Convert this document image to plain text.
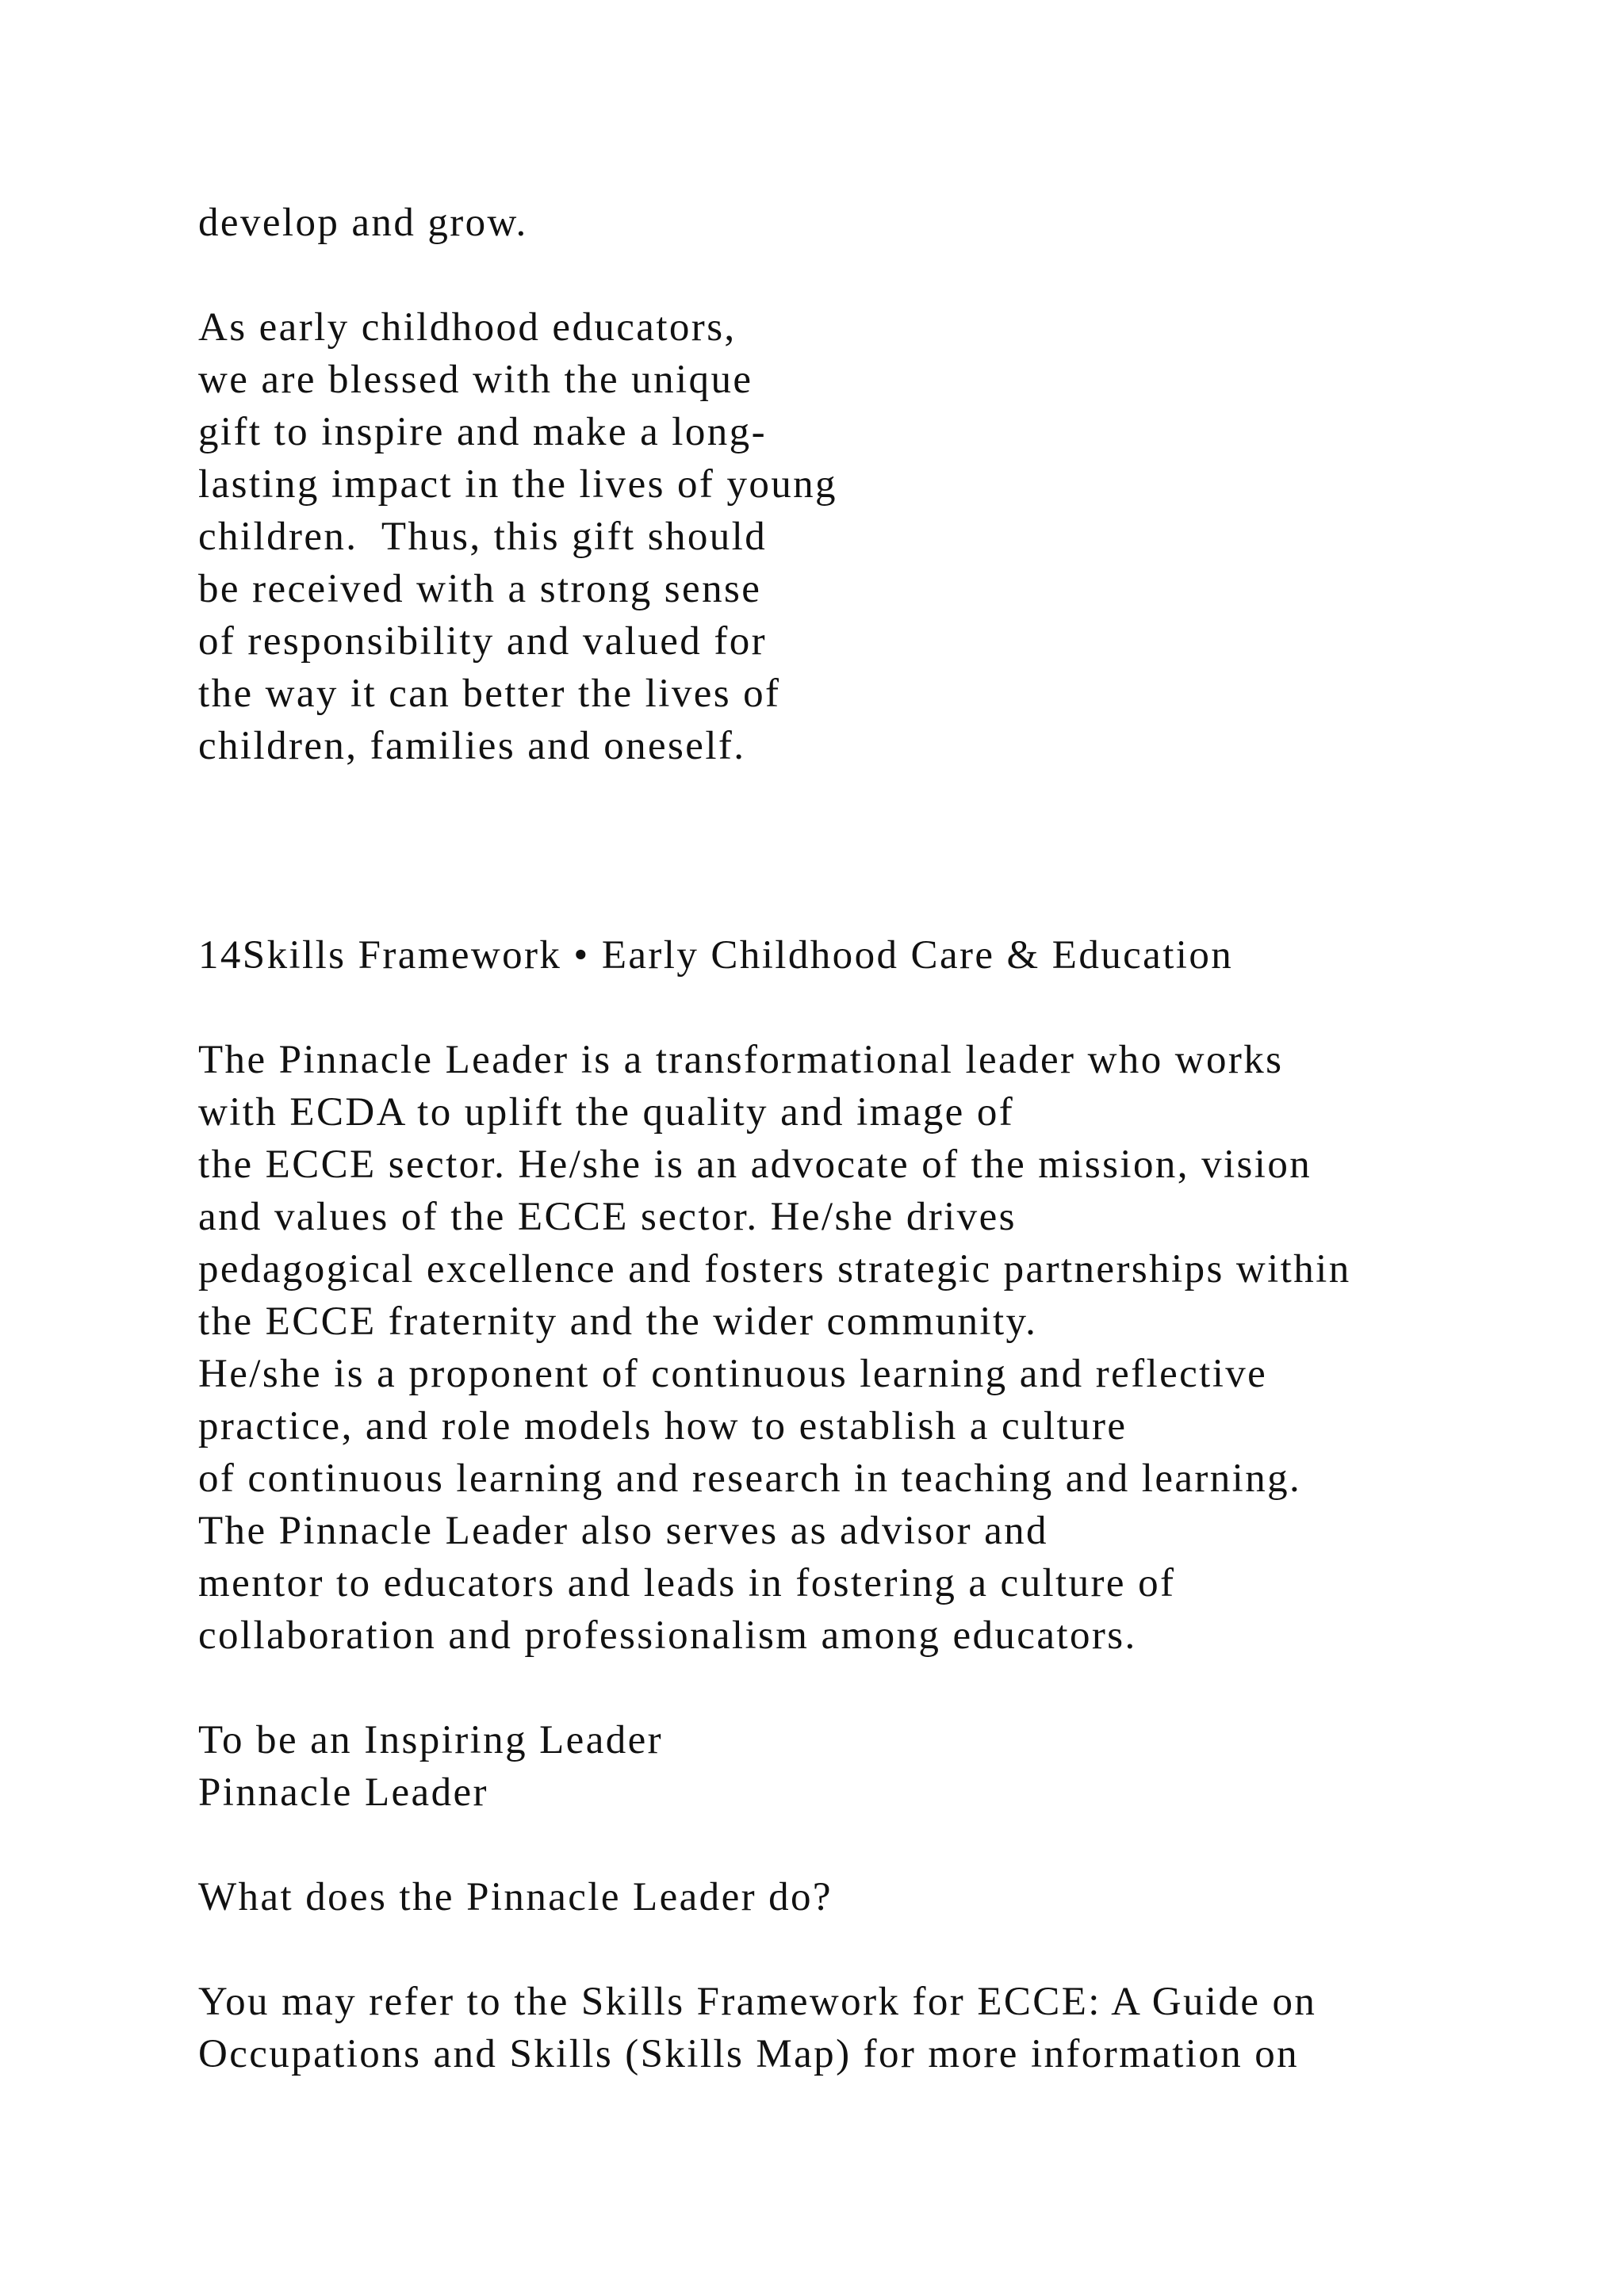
develop and grow.
As early childhood educators,
we are blessed with the unique
gift to inspire and make a long-
lasting impact in the lives of young
children.  Thus, this gift should
be received with a strong sense
of responsibility and valued for
the way it can better the lives of
children, families and oneself.
14Skills Framework • Early Childhood Care & Education
The Pinnacle Leader is a transformational leader who works
with ECDA to uplift the quality and image of
the ECCE sector. He/she is an advocate of the mission, vision
and values of the ECCE sector. He/she drives
pedagogical excellence and fosters strategic partnerships within
the ECCE fraternity and the wider community.
He/she is a proponent of continuous learning and reflective
practice, and role models how to establish a culture
of continuous learning and research in teaching and learning.
The Pinnacle Leader also serves as advisor and
mentor to educators and leads in fostering a culture of
collaboration and professionalism among educators.
To be an Inspiring Leader
Pinnacle Leader
What does the Pinnacle Leader do?
You may refer to the Skills Framework for ECCE: A Guide on
Occupations and Skills (Skills Map) for more information on
